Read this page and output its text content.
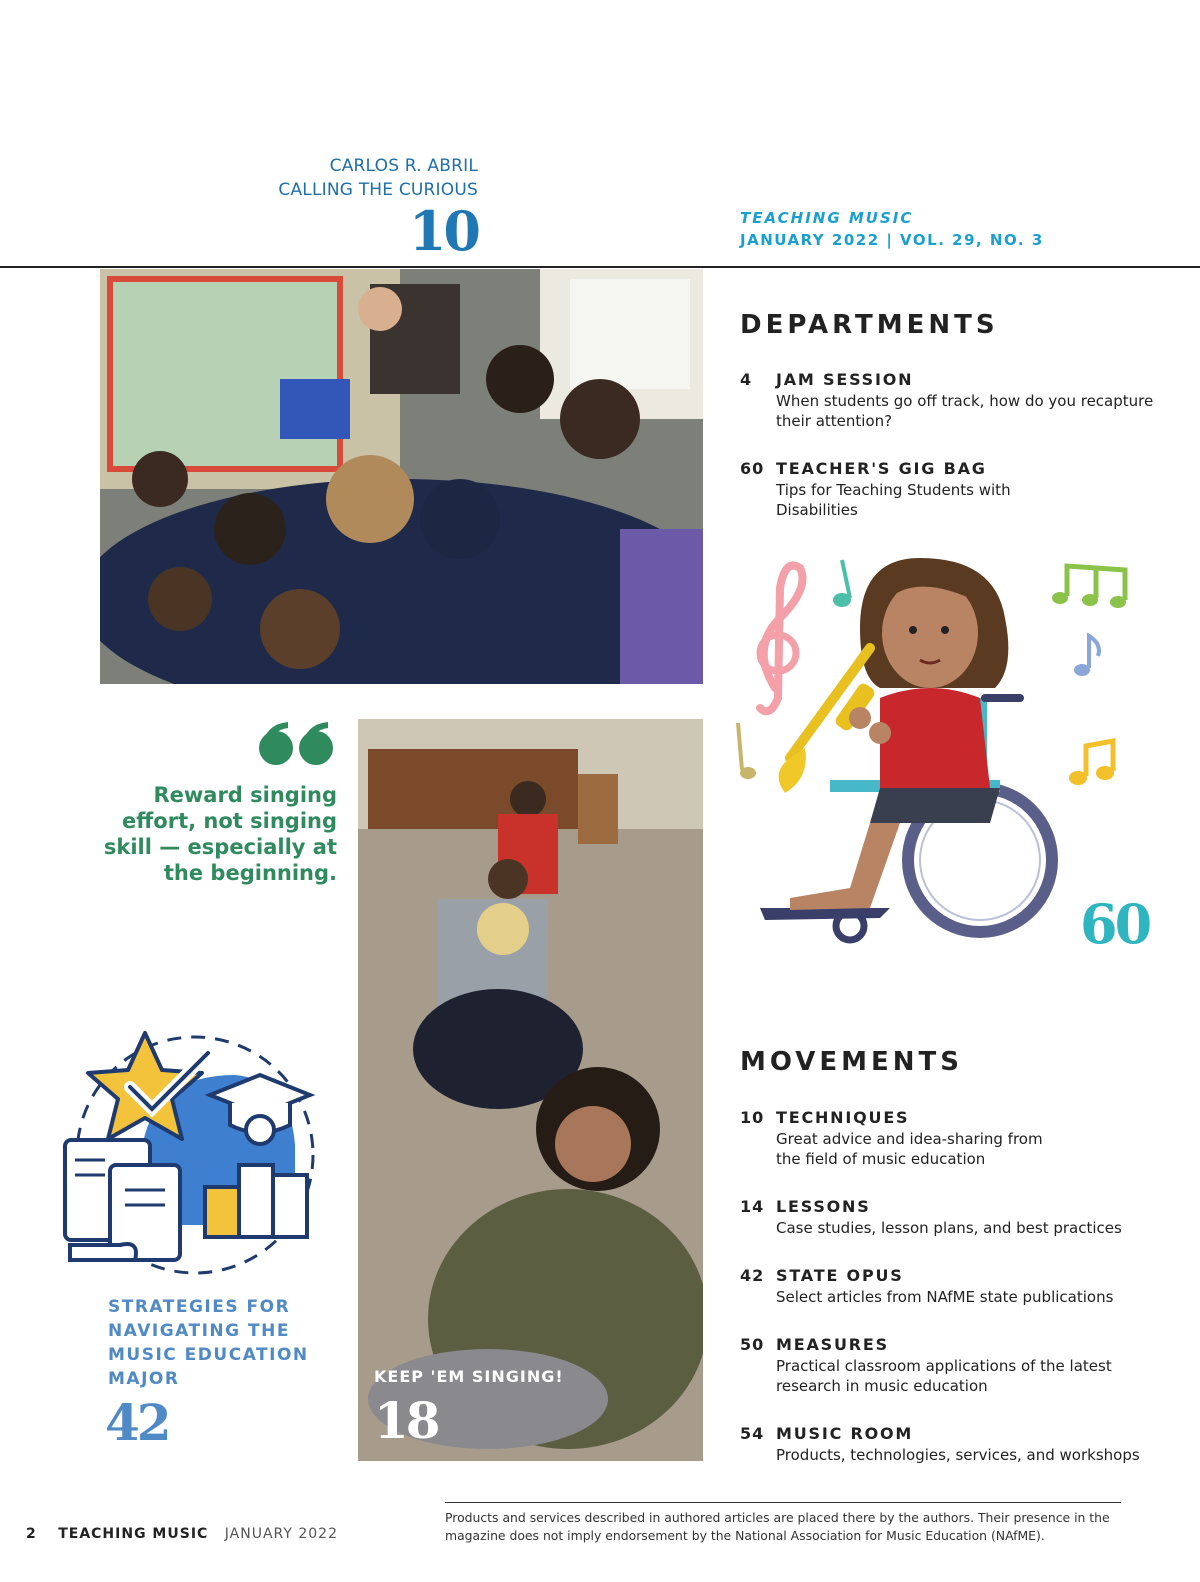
CARLOS R. ABRIL
CALLING THE CURIOUS
10	TEACHING MUSIC
JANUARY 2022 | VOL. 29, NO. 3
Reward singing effort, not singing skill — especially at the beginning.
KEEP 'EM SINGING!
18
STRATEGIES FOR NAVIGATING THE MUSIC EDUCATION MAJOR
42
DEPARTMENTS
4	JAM SESSION
When students go off track, how do you recapture their attention?
60 TEACHER'S GIG BAG
Tips for Teaching Students with Disabilities
60
MOVEMENTS
10 TECHNIQUES
Great advice and idea-sharing from the field of music education
14 LESSONS
Case studies, lesson plans, and best practices
42 STATE OPUS
Select articles from NAfME state publications
50 MEASURES
Practical classroom applications of the latest research in music education
54 MUSIC ROOM
Products, technologies, services, and workshops
Products and services described in authored articles are placed there by the authors. Their presence in the magazine does not imply endorsement by the National Association for Music Education (NAfME).
2 TEACHING MUSIC JANUARY 2022
